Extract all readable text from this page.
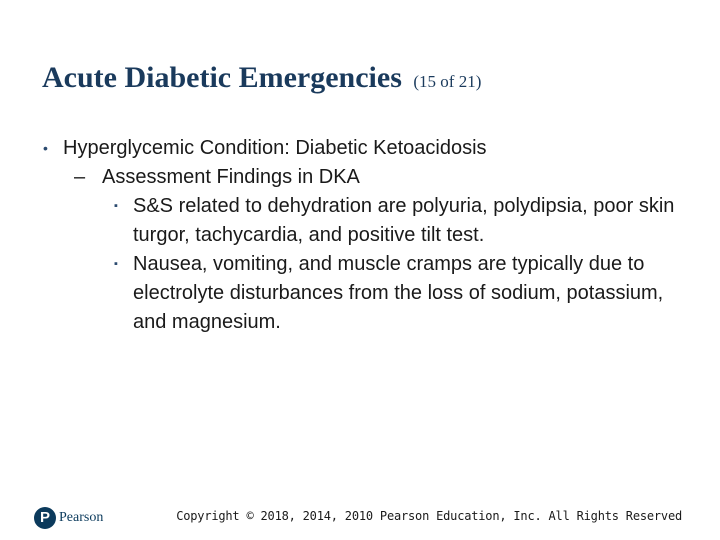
Acute Diabetic Emergencies (15 of 21)
• Hyperglycemic Condition: Diabetic Ketoacidosis
– Assessment Findings in DKA
▪ S&S related to dehydration are polyuria, polydipsia, poor skin turgor, tachycardia, and positive tilt test.
▪ Nausea, vomiting, and muscle cramps are typically due to electrolyte disturbances from the loss of sodium, potassium, and magnesium.
P Pearson	Copyright © 2018, 2014, 2010 Pearson Education, Inc. All Rights Reserved
